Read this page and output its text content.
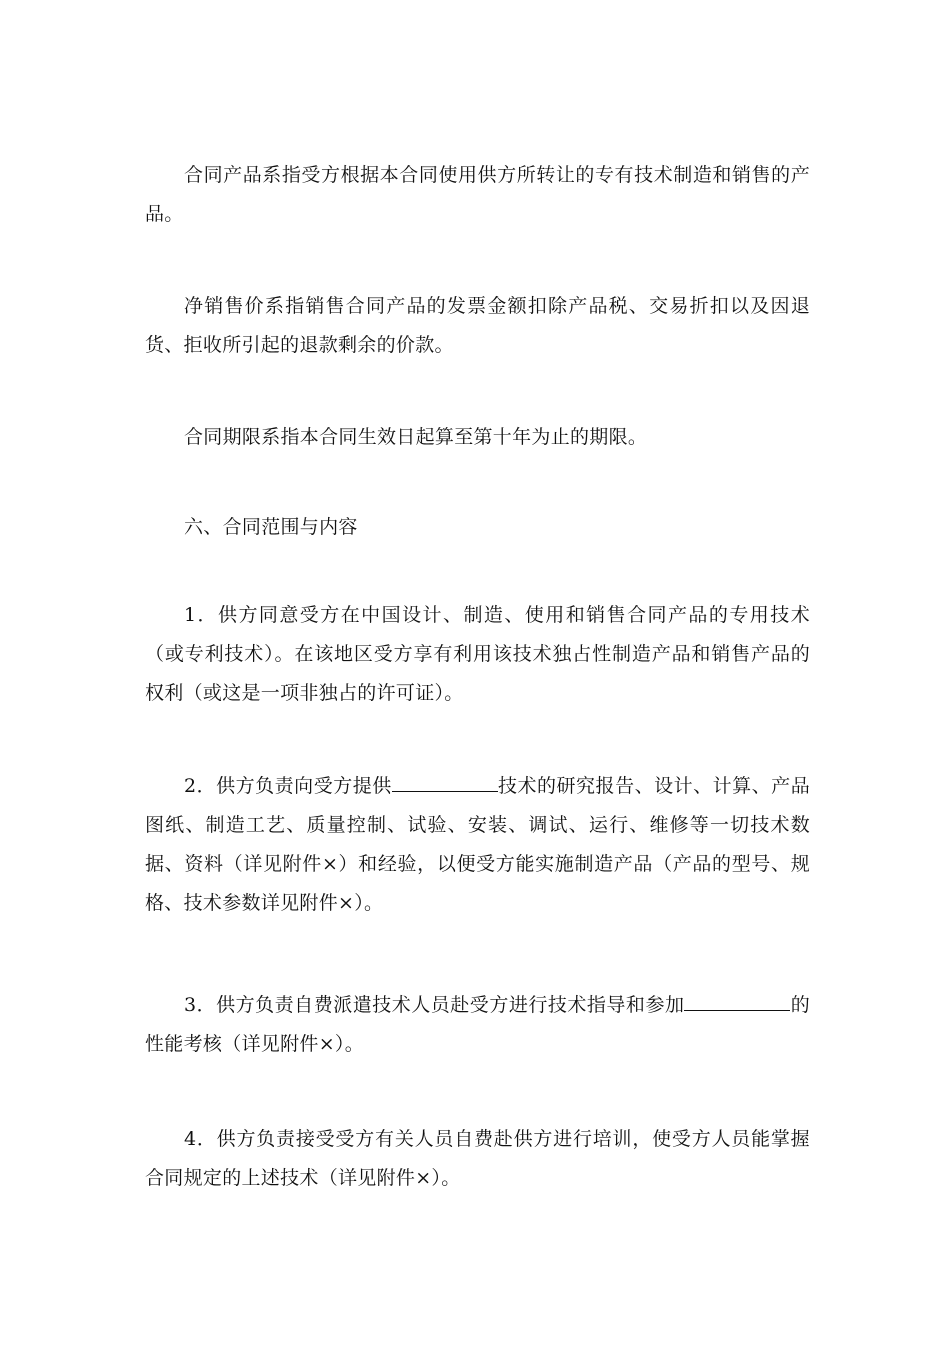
合同产品系指受方根据本合同使用供方所转让的专有技术制造和销售的产品。

净销售价系指销售合同产品的发票金额扣除产品税、交易折扣以及因退货、拒收所引起的退款剩余的价款。

合同期限系指本合同生效日起算至第十年为止的期限。

六、合同范围与内容

1．供方同意受方在中国设计、制造、使用和销售合同产品的专用技术（或专利技术）。在该地区受方享有利用该技术独占性制造产品和销售产品的权利（或这是一项非独占的许可证）。

2．供方负责向受方提供	技术的研究报告、设计、计算、产品图纸、制造工艺、质量控制、试验、安装、调试、运行、维修等一切技术数据、资料（详见附件×）和经验，以便受方能实施制造产品（产品的型号、规格、技术参数详见附件×）。

3．供方负责自费派遣技术人员赴受方进行技术指导和参加	的性能考核（详见附件×）。

4．供方负责接受受方有关人员自费赴供方进行培训，使受方人员能掌握合同规定的上述技术（详见附件×）。
